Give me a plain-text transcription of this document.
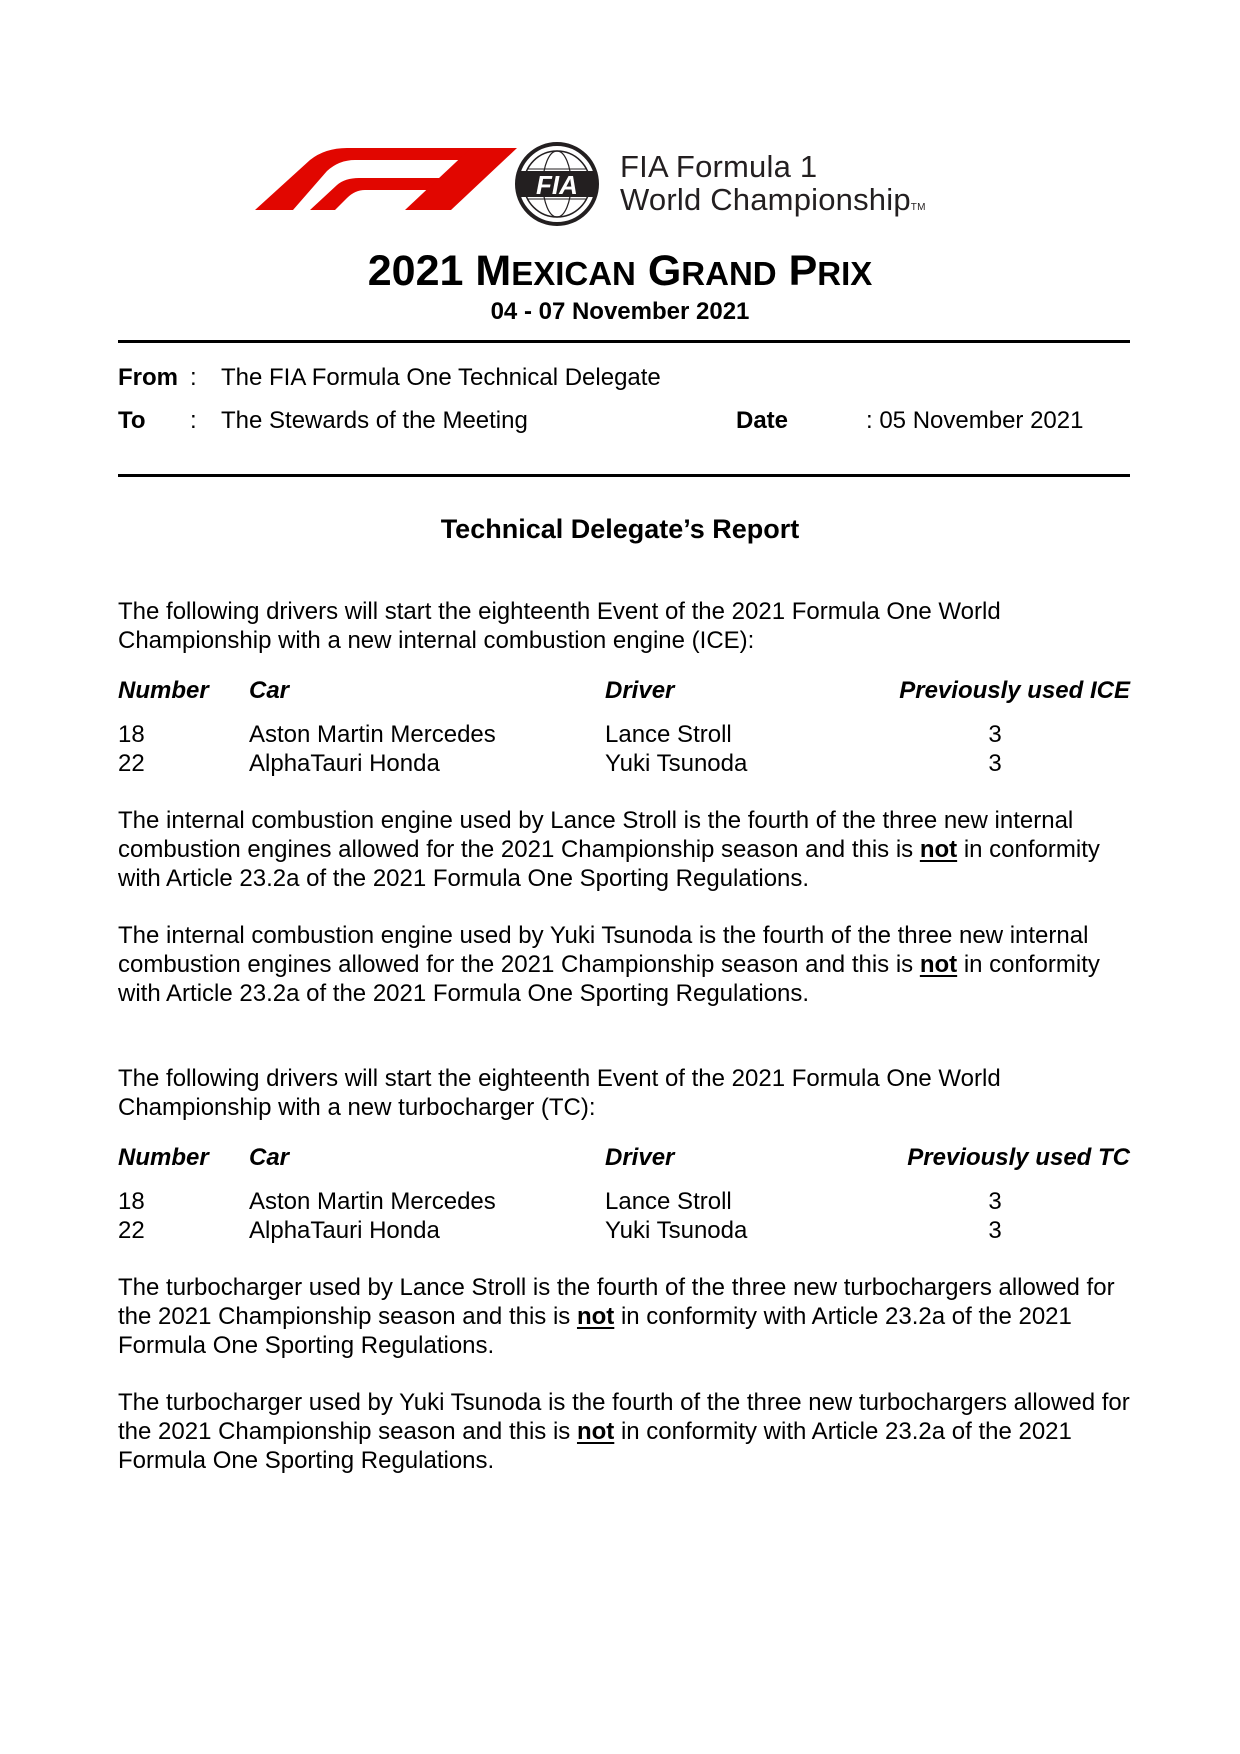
FIA
FIA Formula 1
World ChampionshipTM
2021 MEXICAN GRAND PRIX
04 - 07 November 2021
From : The FIA Formula One Technical Delegate
To : The Stewards of the Meeting	Date	: 05 November 2021
Technical Delegate’s Report
The following drivers will start the eighteenth Event of the 2021 Formula One World Championship with a new internal combustion engine (ICE):
Number Car	Driver	Previously used ICE
18	Aston Martin Mercedes	Lance Stroll	3
22	AlphaTauri Honda	Yuki Tsunoda	3
The internal combustion engine used by Lance Stroll is the fourth of the three new internal combustion engines allowed for the 2021 Championship season and this is not in conformity with Article 23.2a of the 2021 Formula One Sporting Regulations.
The internal combustion engine used by Yuki Tsunoda is the fourth of the three new internal combustion engines allowed for the 2021 Championship season and this is not in conformity with Article 23.2a of the 2021 Formula One Sporting Regulations.
The following drivers will start the eighteenth Event of the 2021 Formula One World Championship with a new turbocharger (TC):
Number Car	Driver	Previously used TC
18	Aston Martin Mercedes	Lance Stroll	3
22	AlphaTauri Honda	Yuki Tsunoda	3
The turbocharger used by Lance Stroll is the fourth of the three new turbochargers allowed for the 2021 Championship season and this is not in conformity with Article 23.2a of the 2021 Formula One Sporting Regulations.
The turbocharger used by Yuki Tsunoda is the fourth of the three new turbochargers allowed for the 2021 Championship season and this is not in conformity with Article 23.2a of the 2021 Formula One Sporting Regulations.
